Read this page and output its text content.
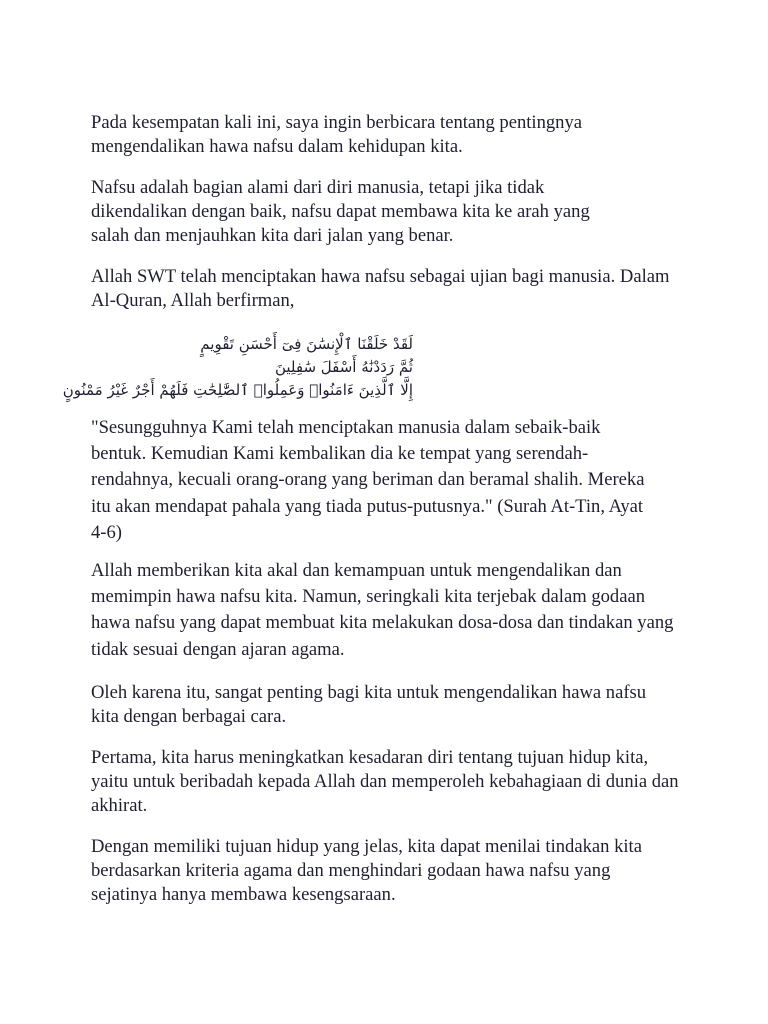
Pada kesempatan kali ini, saya ingin berbicara tentang pentingnya mengendalikan hawa nafsu dalam kehidupan kita.

Nafsu adalah bagian alami dari diri manusia, tetapi jika tidak dikendalikan dengan baik, nafsu dapat membawa kita ke arah yang salah dan menjauhkan kita dari jalan yang benar.

Allah SWT telah menciptakan hawa nafsu sebagai ujian bagi manusia. Dalam Al-Quran, Allah berfirman,

لَقَدْ خَلَقْنَا ٱلْإِنسَٰنَ فِىٓ أَحْسَنِ تَقْوِيمٍ
ثُمَّ رَدَدْنَٰهُ أَسْفَلَ سَٰفِلِينَ
إِلَّا ٱلَّذِينَ ءَامَنُوا۟ وَعَمِلُوا۟ ٱلصَّٰلِحَٰتِ فَلَهُمْ أَجْرٌ غَيْرُ مَمْنُونٍ

"Sesungguhnya Kami telah menciptakan manusia dalam sebaik-baik bentuk. Kemudian Kami kembalikan dia ke tempat yang serendah-rendahnya, kecuali orang-orang yang beriman dan beramal shalih. Mereka itu akan mendapat pahala yang tiada putus-putusnya." (Surah At-Tin, Ayat 4-6)

Allah memberikan kita akal dan kemampuan untuk mengendalikan dan memimpin hawa nafsu kita. Namun, seringkali kita terjebak dalam godaan hawa nafsu yang dapat membuat kita melakukan dosa-dosa dan tindakan yang tidak sesuai dengan ajaran agama.

Oleh karena itu, sangat penting bagi kita untuk mengendalikan hawa nafsu kita dengan berbagai cara.

Pertama, kita harus meningkatkan kesadaran diri tentang tujuan hidup kita, yaitu untuk beribadah kepada Allah dan memperoleh kebahagiaan di dunia dan akhirat.

Dengan memiliki tujuan hidup yang jelas, kita dapat menilai tindakan kita berdasarkan kriteria agama dan menghindari godaan hawa nafsu yang sejatinya hanya membawa kesengsaraan.
